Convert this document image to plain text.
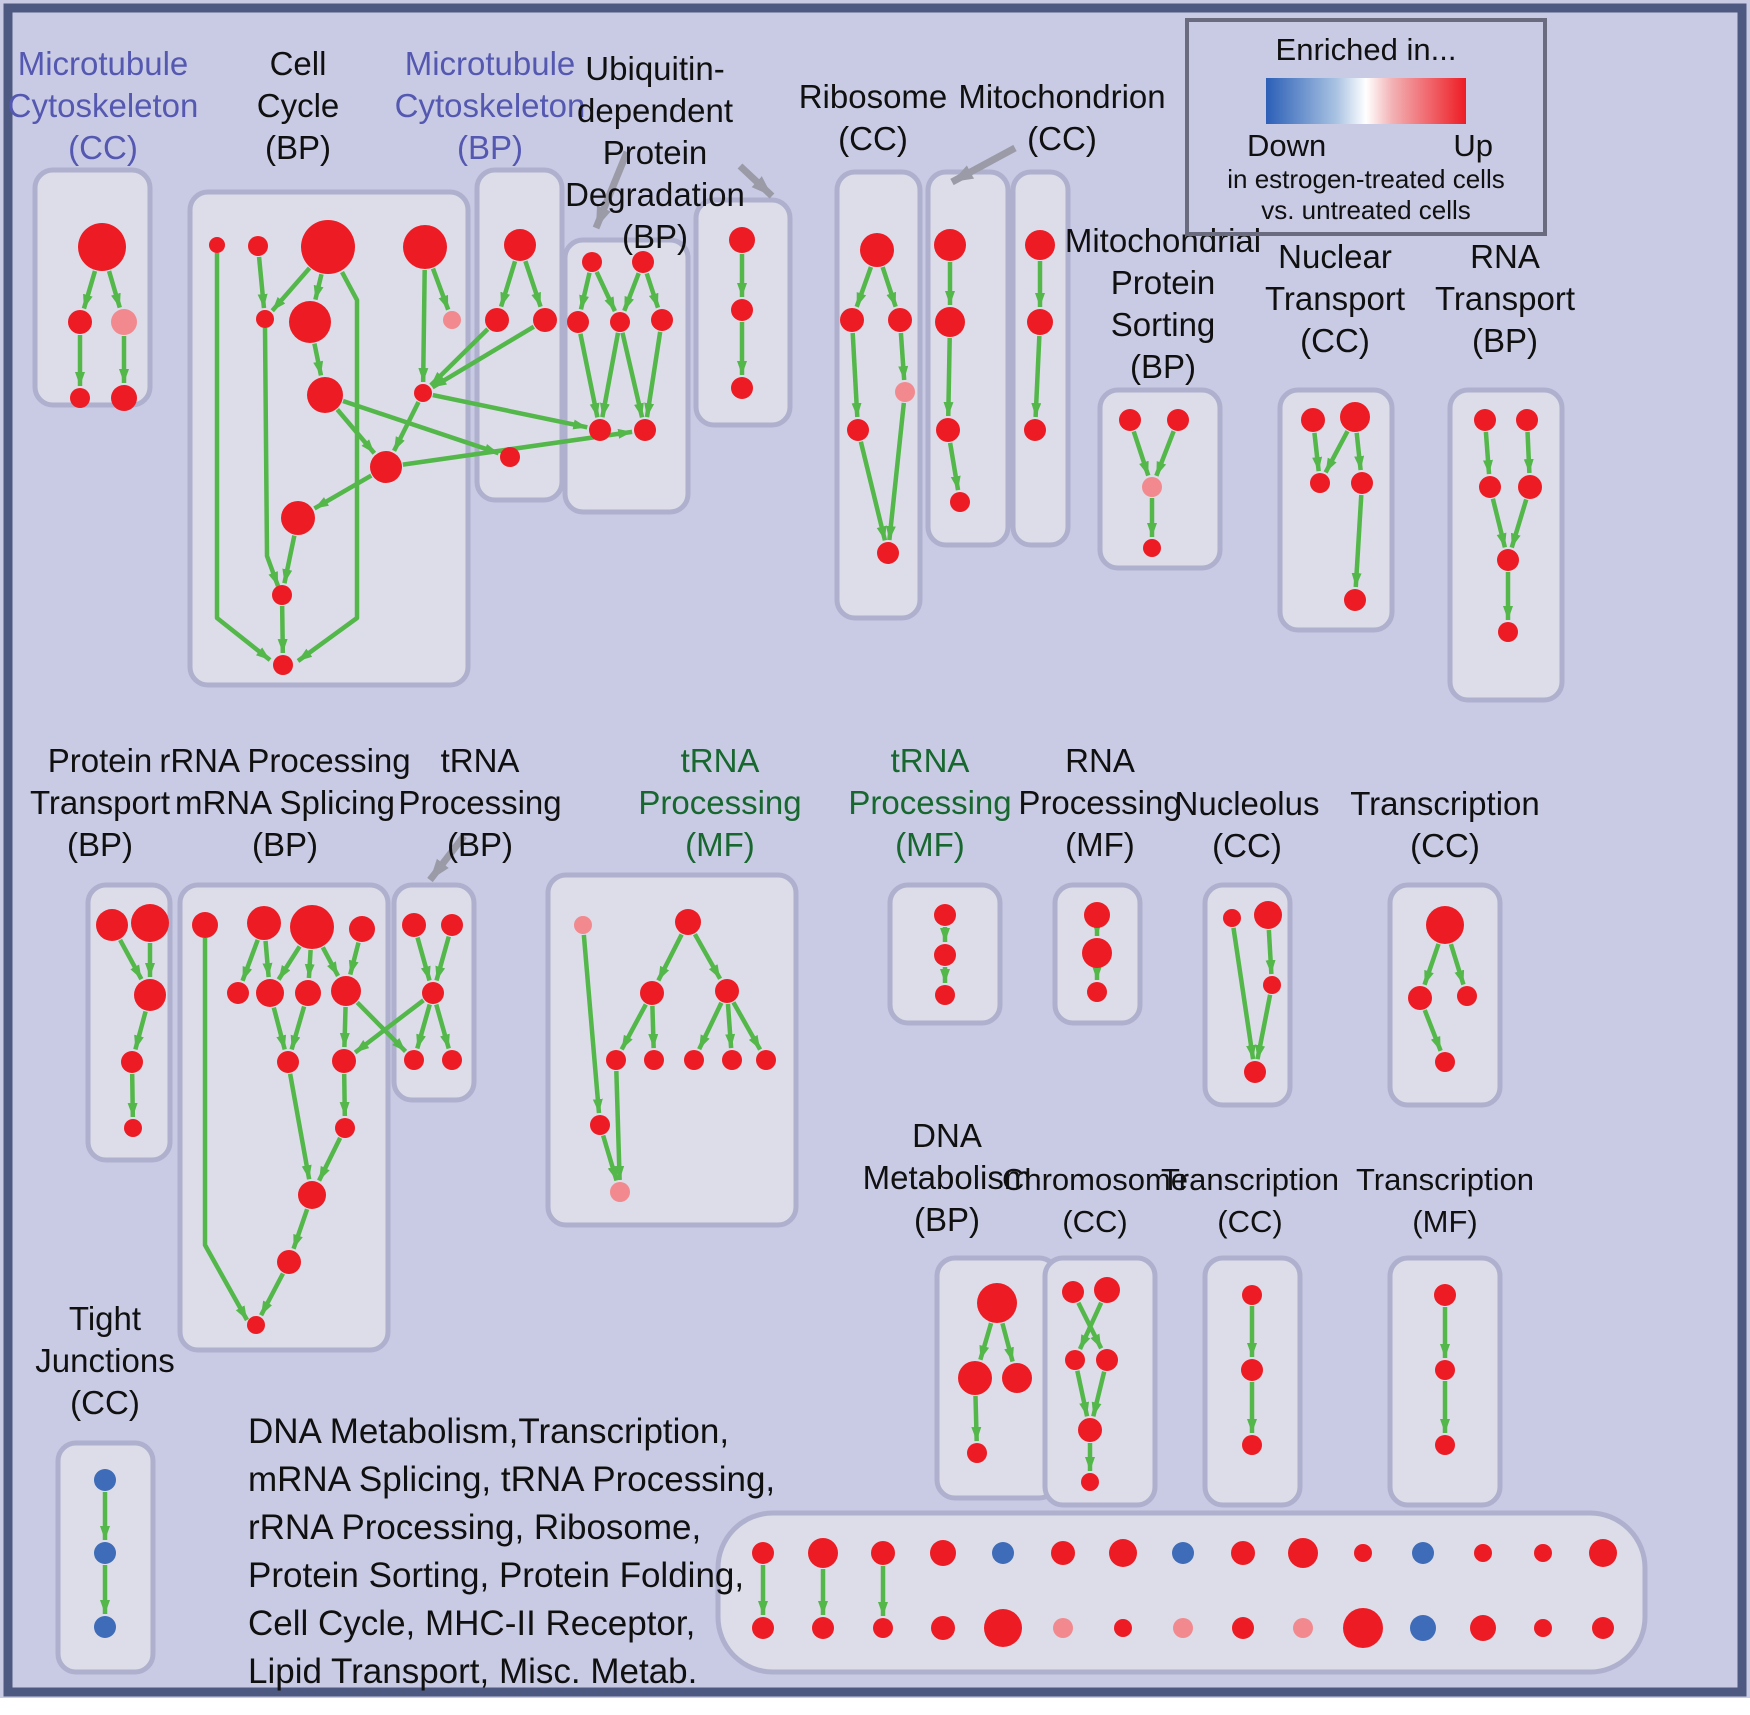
Microtubule Cytoskeleton (CC)
Cell Cycle (BP)
Microtubule Cytoskeleton (BP)
Ubiquitin-dependent Protein Degradation (BP)
Ribosome (CC)
Mitochondrion (CC)
Mitochondrial Protein Sorting (BP)
Nuclear Transport (CC)
RNA Transport (BP)
Protein Transport (BP)
rRNA Processing mRNA Splicing (BP)
tRNA Processing (BP)
tRNA Processing (MF)
tRNA Processing (MF)
RNA Processing (MF)
Nucleolus (CC)
Transcription (CC)
DNA Metabolism (BP)
Chromosome (CC)
Transcription (CC)
Transcription (MF)
Tight Junctions (CC)
Enriched in...
Down	Up
in estrogen-treated cells
vs. untreated cells
DNA Metabolism,Transcription,
mRNA Splicing, tRNA Processing,
rRNA Processing, Ribosome,
Protein Sorting, Protein Folding,
Cell Cycle, MHC-II Receptor,
Lipid Transport, Misc. Metab.
